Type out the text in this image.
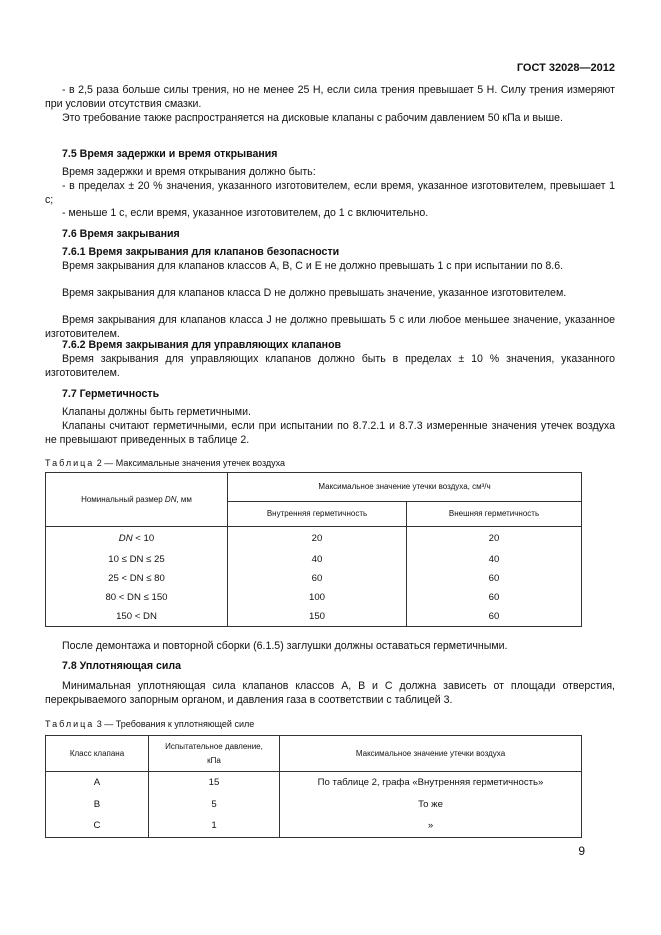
ГОСТ 32028—2012
- в 2,5 раза больше силы трения, но не менее 25 Н, если сила трения превышает 5 Н. Силу трения измеряют при условии отсутствия смазки.
Это требование также распространяется на дисковые клапаны с рабочим давлением 50 кПа и выше.
7.5 Время задержки и время открывания
Время задержки и время открывания должно быть:
- в пределах ± 20 % значения, указанного изготовителем, если время, указанное изготовителем, превышает 1 с;
- меньше 1 с, если время, указанное изготовителем, до 1 с включительно.
7.6 Время закрывания
7.6.1 Время закрывания для клапанов безопасности
Время закрывания для клапанов классов А, В, С и Е не должно превышать 1 с при испытании по 8.6.
Время закрывания для клапанов класса D не должно превышать значение, указанное изготовителем.
Время закрывания для клапанов класса J не должно превышать 5 с или любое меньшее значение, указанное изготовителем.
7.6.2 Время закрывания для управляющих клапанов
Время закрывания для управляющих клапанов должно быть в пределах ± 10 % значения, указанного изготовителем.
7.7 Герметичность
Клапаны должны быть герметичными.
Клапаны считают герметичными, если при испытании по 8.7.2.1 и 8.7.3 измеренные значения утечек воздуха не превышают приведенных в таблице 2.
Таблица 2 — Максимальные значения утечек воздуха
Номинальный размер DN, мм	Максимальное значение утечки воздуха, см³/ч	
	Внутренняя герметичность	Внешняя герметичность
DN < 10	20	20
10 ≤ DN ≤ 25	40	40
25 < DN ≤ 80	60	60
80 < DN ≤ 150	100	60
150 < DN	150	60
После демонтажа и повторной сборки (6.1.5) заглушки должны оставаться герметичными.
7.8 Уплотняющая сила
Минимальная уплотняющая сила клапанов классов А, В и С должна зависеть от площади отверстия, перекрываемого запорным органом, и давления газа в соответствии с таблицей 3.
Таблица 3 — Требования к уплотняющей силе
Класс клапана	Испытательное давление, кПа	Максимальное значение утечки воздуха
А	15	По таблице 2, графа «Внутренняя герметичность»
В	5	То же
С	1	»
9
